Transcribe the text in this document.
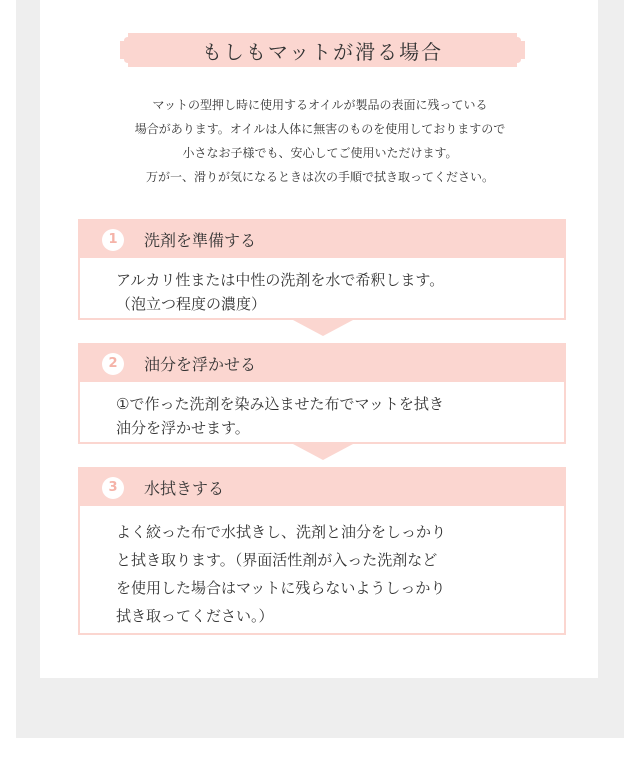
もしもマットが滑る場合
マットの型押し時に使用するオイルが製品の表面に残っている
場合があります。オイルは人体に無害のものを使用しておりますので
小さなお子様でも、安心してご使用いただけます。
万が一、滑りが気になるときは次の手順で拭き取ってください。
1	洗剤を準備する
アルカリ性または中性の洗剤を水で希釈します。
（泡立つ程度の濃度）
2	油分を浮かせる
①で作った洗剤を染み込ませた布でマットを拭き
油分を浮かせます。
3	水拭きする
よく絞った布で水拭きし、洗剤と油分をしっかり
と拭き取ります。（界面活性剤が入った洗剤など
を使用した場合はマットに残らないようしっかり
拭き取ってください。）
